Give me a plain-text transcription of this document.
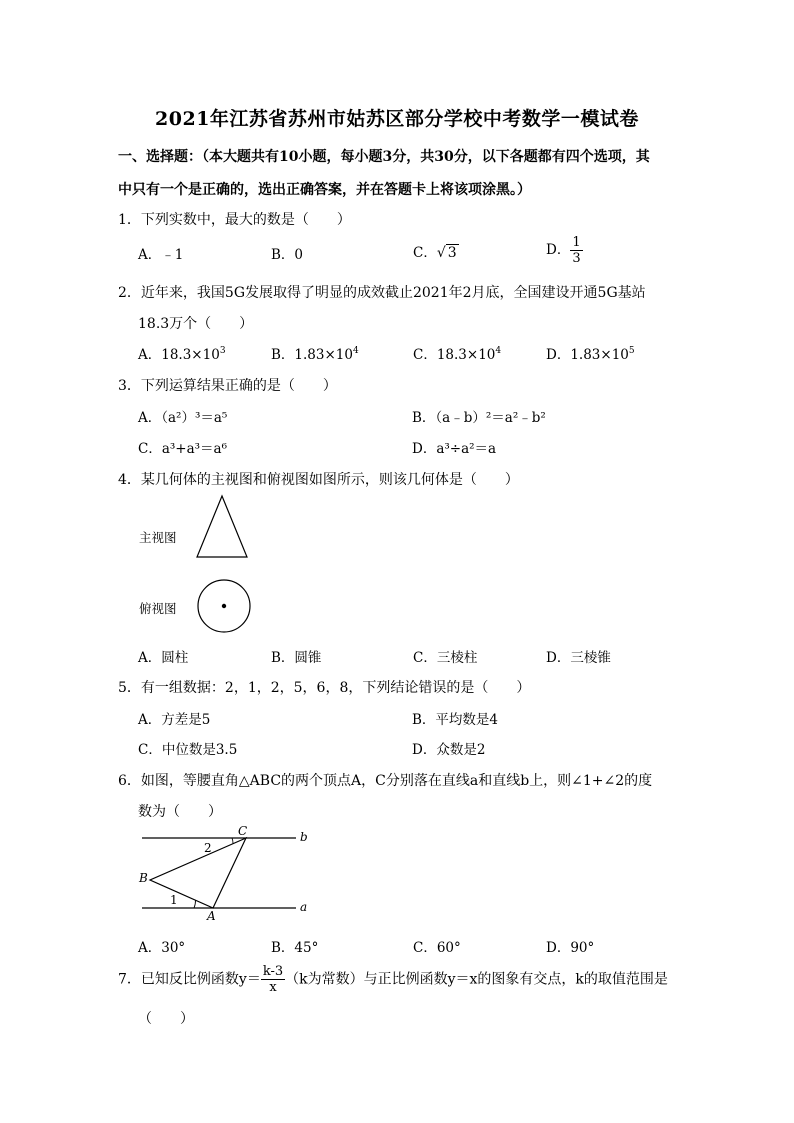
2021年江苏省苏州市姑苏区部分学校中考数学一模试卷
一、选择题：（本大题共有10小题，每小题3分，共30分，以下各题都有四个选项，其
中只有一个是正确的，选出正确答案，并在答题卡上将该项涂黑。）
1．下列实数中，最大的数是（　　）
A．﹣1	B．0	C．√ 3	D． $\frac{1}{3}$
2．近年来，我国5G发展取得了明显的成效截止2021年2月底，全国建设开通5G基站
18.3万个（　　）
A．$18.3\times 10^3$	B．$1.83\times 10^4$	C．$18.3\times 10^4$	D．$1.83\times 10^5$
3．下列运算结果正确的是（　　）
A．（a²）³＝a⁵	B．（a﹣b）²＝a²﹣b²
C．a³+a³＝a⁶	D．a³÷a²＝a
4．某几何体的主视图和俯视图如图所示，则该几何体是（　　）
主视图
俯视图
A．圆柱	B．圆锥	C．三棱柱	D．三棱锥
5．有一组数据：2，1，2，5，6，8，下列结论错误的是（　　）
A．方差是5	B．平均数是4
C．中位数是3.5	D．众数是2
6．如图，等腰直角△ABC的两个顶点A，C分别落在直线a和直线b上，则∠1+∠2的度
数为（　　）
C	b
2
B
1
A
a
A．30°	B．45°	C．60°	D．90°
7．已知反比例函数$y= \frac{k-3}{x} (k$为常数）与正比例函数y＝x的图象有交点，k的取值范围是
（　　）
